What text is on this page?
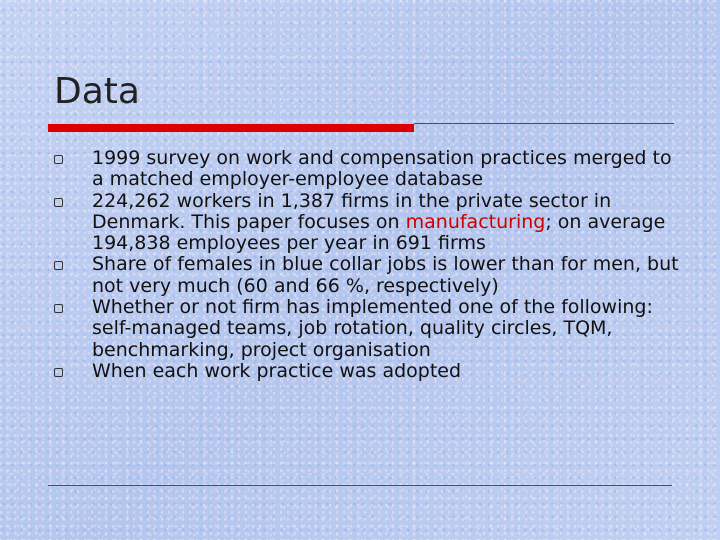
Data
1999 survey on work and compensation practices merged to a matched employer-employee database
224,262 workers in 1,387 firms in the private sector in Denmark. This paper focuses on manufacturing; on average 194,838 employees per year in 691 firms
Share of females in blue collar jobs is lower than for men, but not very much (60 and 66 %, respectively)
Whether or not firm has implemented one of the following: self-managed teams, job rotation, quality circles, TQM, benchmarking, project organisation
When each work practice was adopted
